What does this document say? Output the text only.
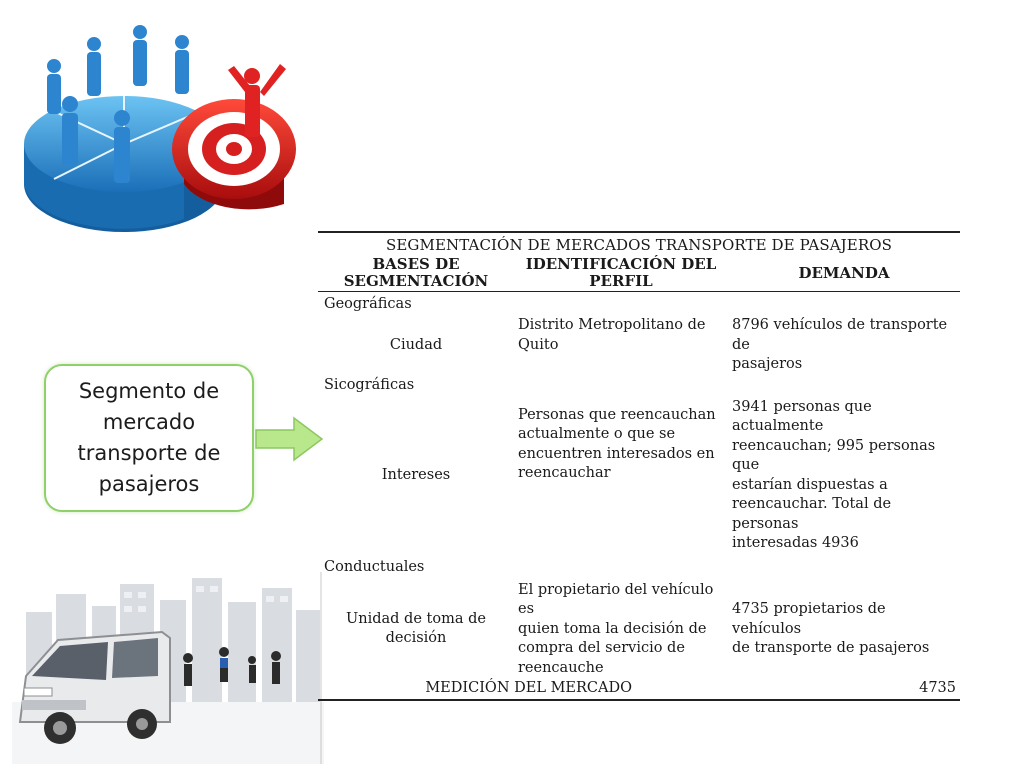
Segmento de
mercado
transporte de
pasajeros
SEGMENTACIÓN DE MERCADOS TRANSPORTE DE PASAJEROS
BASES DE
SEGMENTACIÓN
IDENTIFICACIÓN DEL
PERFIL	DEMANDA
Geográficas
Ciudad
Distrito Metropolitano de
Quito
8796 vehículos de transporte de
pasajeros
Sicográficas
Intereses
Personas que reencauchan
actualmente o que se
encuentren interesados en
reencauchar
3941 personas que actualmente
reencauchan; 995 personas que
estarían dispuestas a
reencauchar. Total de personas
interesadas 4936
Conductuales
Unidad de toma de
decisión
El propietario del vehículo es
quien toma la decisión de
compra del servicio de
reencauche
4735 propietarios de vehículos
de transporte de pasajeros
MEDICIÓN DEL MERCADO	4735
